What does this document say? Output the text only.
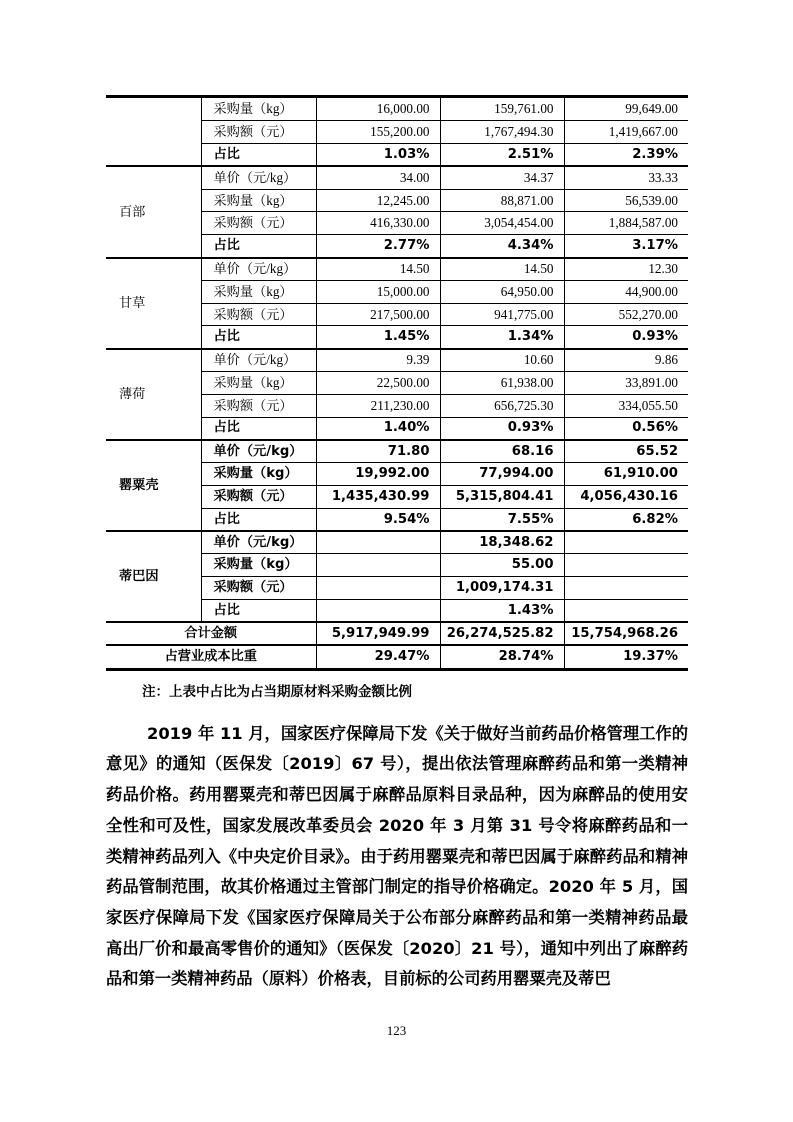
	采购量（kg）	16,000.00	159,761.00	99,649.00
	采购额（元）	155,200.00	1,767,494.30	1,419,667.00
	占比	1.03%	2.51%	2.39%
百部	单价（元/kg）	34.00	34.37	33.33
	采购量（kg）	12,245.00	88,871.00	56,539.00
	采购额（元）	416,330.00	3,054,454.00	1,884,587.00
	占比	2.77%	4.34%	3.17%
甘草	单价（元/kg）	14.50	14.50	12.30
	采购量（kg）	15,000.00	64,950.00	44,900.00
	采购额（元）	217,500.00	941,775.00	552,270.00
	占比	1.45%	1.34%	0.93%
薄荷	单价（元/kg）	9.39	10.60	9.86
	采购量（kg）	22,500.00	61,938.00	33,891.00
	采购额（元）	211,230.00	656,725.30	334,055.50
	占比	1.40%	0.93%	0.56%
罂粟壳	单价（元/kg）	71.80	68.16	65.52
	采购量（kg）	19,992.00	77,994.00	61,910.00
	采购额（元）	1,435,430.99	5,315,804.41	4,056,430.16
	占比	9.54%	7.55%	6.82%
蒂巴因	单价（元/kg）		18,348.62	
	采购量（kg）		55.00	
	采购额（元）		1,009,174.31	
	占比		1.43%	
合计金额		5,917,949.99	26,274,525.82	15,754,968.26
占营业成本比重		29.47%	28.74%	19.37%
注：上表中占比为占当期原材料采购金额比例

2019 年 11 月，国家医疗保障局下发《关于做好当前药品价格管理工作的意见》的通知（医保发〔2019〕67 号），提出依法管理麻醉药品和第一类精神药品价格。药用罂粟壳和蒂巴因属于麻醉品原料目录品种，因为麻醉品的使用安全性和可及性，国家发展改革委员会 2020 年 3 月第 31 号令将麻醉药品和一类精神药品列入《中央定价目录》。由于药用罂粟壳和蒂巴因属于麻醉药品和精神药品管制范围，故其价格通过主管部门制定的指导价格确定。2020 年 5 月，国家医疗保障局下发《国家医疗保障局关于公布部分麻醉药品和第一类精神药品最高出厂价和最高零售价的通知》（医保发〔2020〕21 号），通知中列出了麻醉药品和第一类精神药品（原料）价格表，目前标的公司药用罂粟壳及蒂巴

123
